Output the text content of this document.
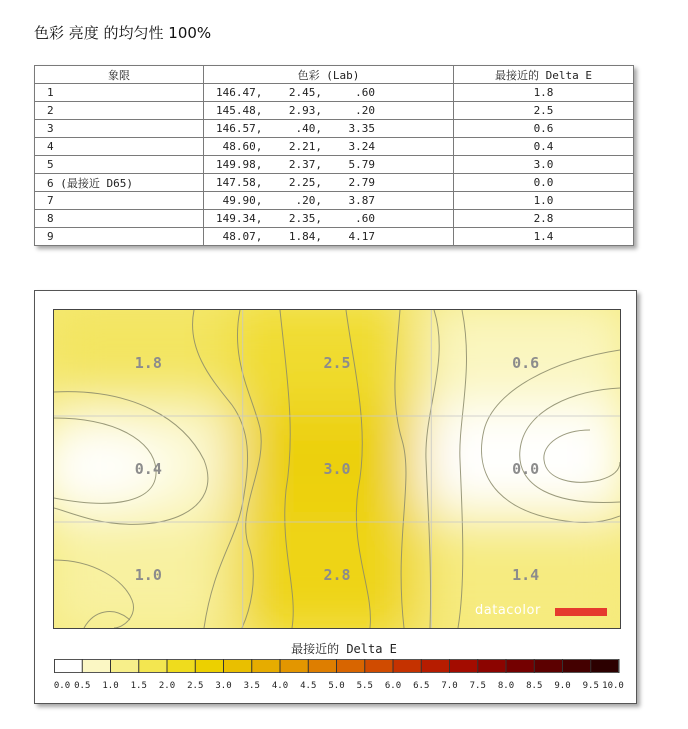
色彩 亮度 的均匀性 100%
象限	色彩 (Lab)	最接近的 Delta E
1	146.47,    2.45,     .60	1.8
2	145.48,    2.93,     .20	2.5
3	146.57,     .40,    3.35	0.6
4	48.60,    2.21,    3.24	0.4
5	149.98,    2.37,    5.79	3.0
6 (最接近 D65)	147.58,    2.25,    2.79	0.0
7	49.90,     .20,    3.87	1.0
8	149.34,    2.35,     .60	2.8
9	48.07,    1.84,    4.17	1.4
1.8	2.5	0.6
0.4	3.0	0.0
1.0	2.8	1.4
datacolor
最接近的 Delta E
0.0 0.5 1.0 1.5 2.0 2.5 3.0 3.5 4.0 4.5 5.0 5.5 6.0 6.5 7.0 7.5 8.0 8.5 9.0 9.5 10.0
